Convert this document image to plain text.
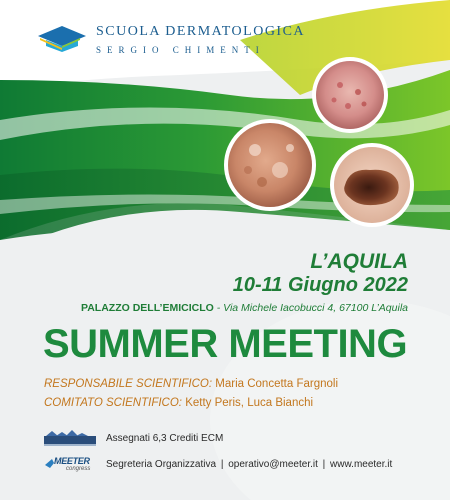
SCUOLA DERMATOLOGICA
SERGIO CHIMENTI
L’AQUILA
10-11 Giugno 2022
PALAZZO DELL’EMICICLO - Via Michele Iacobucci 4, 67100 L’Aquila
SUMMER MEETING
RESPONSABILE SCIENTIFICO: Maria Concetta Fargnoli
COMITATO SCIENTIFICO: Ketty Peris, Luca Bianchi
Assegnati 6,3 Crediti ECM
MEETER
congress Segreteria Organizzativa | operativo@meeter.it | www.meeter.it
